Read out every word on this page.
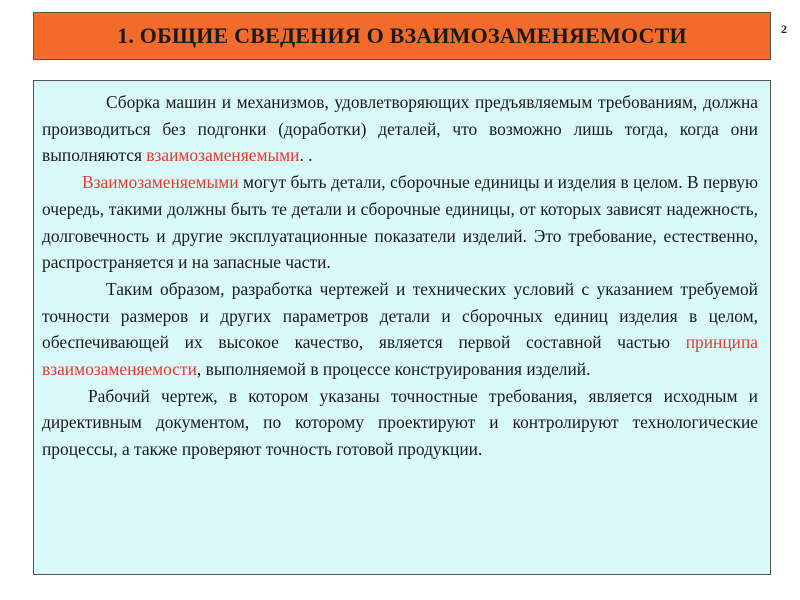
1. ОБЩИЕ СВЕДЕНИЯ О ВЗАИМОЗАМЕНЯЕМОСТИ	2

Сборка машин и механизмов, удовлетворяющих предъявляемым требованиям, должна производиться без подгонки (доработки) деталей, что возможно лишь тогда, когда они выполняются взаимозаменяемыми. .

Взаимозаменяемыми могут быть детали, сборочные единицы и изделия в целом. В первую очередь, такими должны быть те детали и сборочные единицы, от которых зависят надежность, долговечность и другие эксплуатационные показатели изделий. Это требование, естественно, распространяется и на запасные части.

Таким образом, разработка чертежей и технических условий с указанием требуемой точности размеров и других параметров детали и сборочных единиц изделия в целом, обеспечивающей их высокое качество, является первой составной частью принципа взаимозаменяемости, выполняемой в процессе конструирования изделий.

Рабочий чертеж, в котором указаны точностные требования, является исходным и директивным документом, по которому проектируют и контролируют технологические процессы, а также проверяют точность готовой продукции.
